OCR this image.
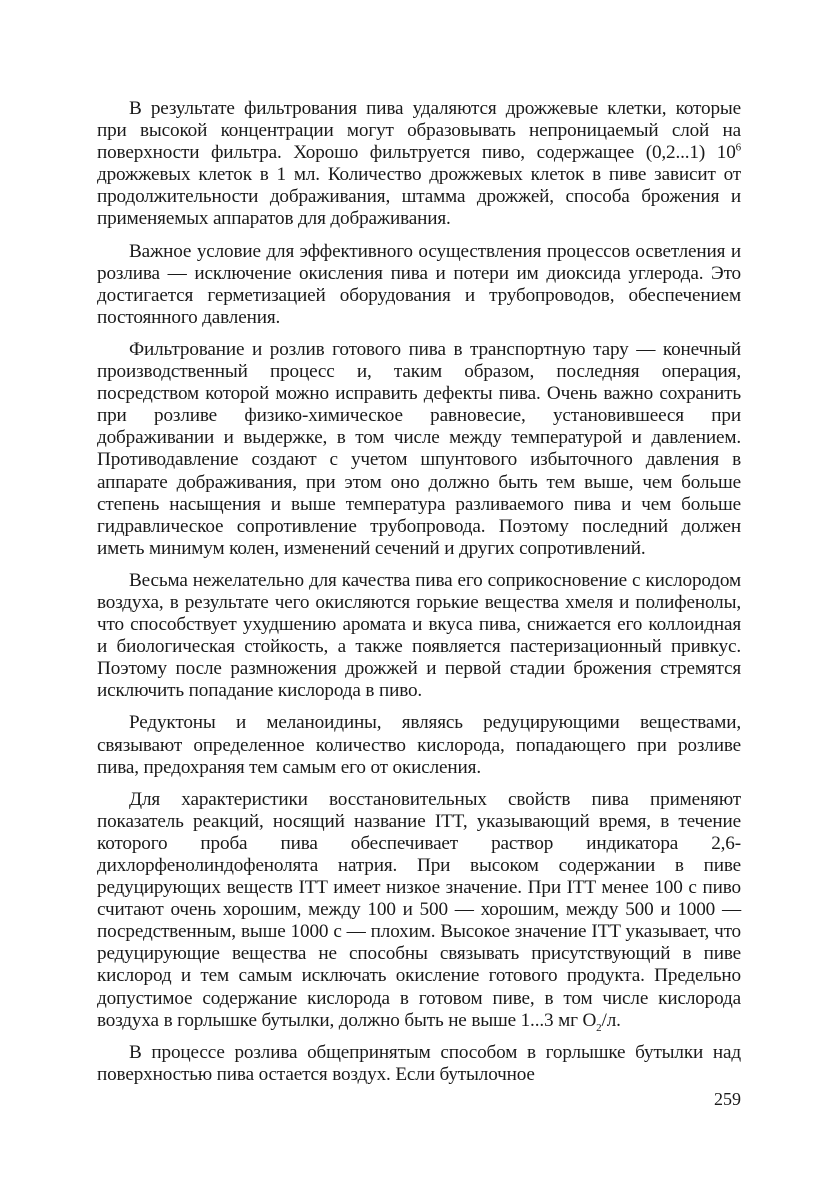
В результате фильтрования пива удаляются дрожжевые клетки, которые при высокой концентрации могут образовывать непроницаемый слой на поверхности фильтра. Хорошо фильтруется пиво, содержащее (0,2...1) $10^6$ дрожжевых клеток в 1 мл. Количество дрожжевых клеток в пиве зависит от продолжительности дображивания, штамма дрожжей, способа брожения и применяемых аппаратов для дображивания.

Важное условие для эффективного осуществления процессов осветления и розлива — исключение окисления пива и потери им диоксида углерода. Это достигается герметизацией оборудования и трубопроводов, обеспечением постоянного давления.

Фильтрование и розлив готового пива в транспортную тару — конечный производственный процесс и, таким образом, последняя операция, посредством которой можно исправить дефекты пива. Очень важно сохранить при розливе физико-химическое равновесие, установившееся при дображивании и выдержке, в том числе между температурой и давлением. Противодавление создают с учетом шпунтового избыточного давления в аппарате дображивания, при этом оно должно быть тем выше, чем больше степень насыщения и выше температура разливаемого пива и чем больше гидравлическое сопротивление трубопровода. Поэтому последний должен иметь минимум колен, изменений сечений и других сопротивлений.

Весьма нежелательно для качества пива его соприкосновение с кислородом воздуха, в результате чего окисляются горькие вещества хмеля и полифенолы, что способствует ухудшению аромата и вкуса пива, снижается его коллоидная и биологическая стойкость, а также появляется пастеризационный привкус. Поэтому после размножения дрожжей и первой стадии брожения стремятся исключить попадание кислорода в пиво.

Редуктоны и меланоидины, являясь редуцирующими веществами, связывают определенное количество кислорода, попадающего при розливе пива, предохраняя тем самым его от окисления.

Для характеристики восстановительных свойств пива применяют показатель реакций, носящий название ITT, указывающий время, в течение которого проба пива обеспечивает раствор индикатора 2,6-дихлорфенолиндофенолята натрия. При высоком содержании в пиве редуцирующих веществ ITT имеет низкое значение. При ITT менее 100 с пиво считают очень хорошим, между 100 и 500 — хорошим, между 500 и 1000 — посредственным, выше 1000 с — плохим. Высокое значение ITT указывает, что редуцирующие вещества не способны связывать присутствующий в пиве кислород и тем самым исключать окисление готового продукта. Предельно допустимое содержание кислорода в готовом пиве, в том числе кислорода воздуха в горлышке бутылки, должно быть не выше 1...3 мг $O_2/л$.

В процессе розлива общепринятым способом в горлышке бутылки над поверхностью пива остается воздух. Если бутылочное

259
